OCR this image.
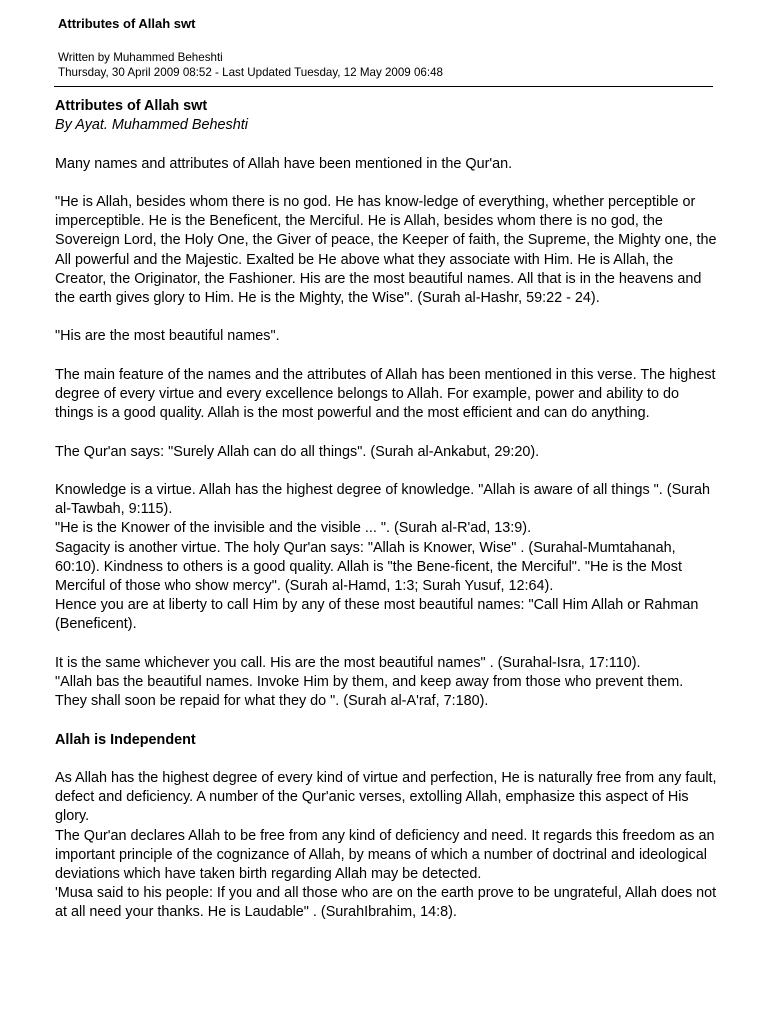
Attributes of Allah swt
Written by Muhammed Beheshti
Thursday, 30 April 2009 08:52 - Last Updated Tuesday, 12 May 2009 06:48
Attributes of Allah swt

By Ayat. Muhammed Beheshti

Many names and attributes of Allah have been mentioned in the Qur'an.

"He is Allah, besides whom there is no god. He has know-ledge of everything, whether perceptible or imperceptible. He is the Beneficent, the Merciful. He is Allah, besides whom there is no god, the Sovereign Lord, the Holy One, the Giver of peace, the Keeper of faith, the Supreme, the Mighty one, the All powerful and the Majestic. Exalted be He above what they associate with Him. He is Allah, the Creator, the Originator, the Fashioner. His are the most beautiful names. All that is in the heavens and the earth gives glory to Him. He is the Mighty, the Wise". (Surah al-Hashr, 59:22 - 24).

"His are the most beautiful names".

The main feature of the names and the attributes of Allah has been mentioned in this verse. The highest degree of every virtue and every excellence belongs to Allah. For example, power and ability to do things is a good quality. Allah is the most powerful and the most efficient and can do anything.

The Qur'an says: "Surely Allah can do all things". (Surah al-Ankabut, 29:20).

Knowledge is a virtue. Allah has the highest degree of knowledge. "Allah is aware of all things ". (Surah al-Tawbah, 9:115).

"He is the Knower of the invisible and the visible ... ". (Surah al-R'ad, 13:9).

Sagacity is another virtue. The holy Qur'an says: "Allah is Knower, Wise" . (Surahal-Mumtahanah, 60:10). Kindness to others is a good quality. Allah is "the Bene-ficent, the Merciful". "He is the Most Merciful of those who show mercy". (Surah al-Hamd, 1:3; Surah Yusuf, 12:64).

Hence you are at liberty to call Him by any of these most beautiful names: "Call Him Allah or Rahman (Beneficent).

It is the same whichever you call. His are the most beautiful names" . (Surahal-Isra, 17:110).

"Allah bas the beautiful names. Invoke Him by them, and keep away from those who prevent them. They shall soon be repaid for what they do ". (Surah al-A'raf, 7:180).

Allah is Independent

As Allah has the highest degree of every kind of virtue and perfection, He is naturally free from any fault, defect and deficiency. A number of the Qur'anic verses, extolling Allah, emphasize this aspect of His glory.

The Qur'an declares Allah to be free from any kind of deficiency and need. It regards this freedom as an important principle of the cognizance of Allah, by means of which a number of doctrinal and ideological deviations which have taken birth regarding Allah may be detected.

'Musa said to his people: If you and all those who are on the earth prove to be ungrateful, Allah does not at all need your thanks. He is Laudable" . (SurahIbrahim, 14:8).
